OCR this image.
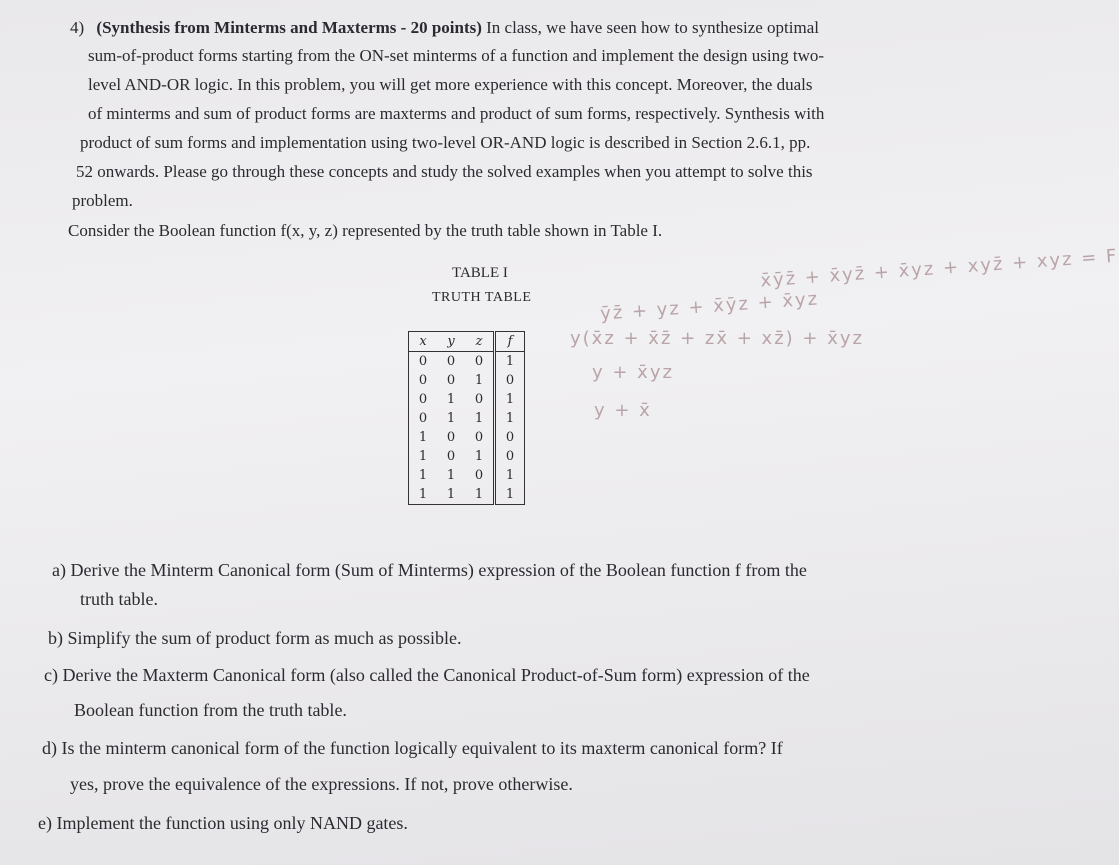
4) (Synthesis from Minterms and Maxterms - 20 points) In class, we have seen how to synthesize optimal
sum-of-product forms starting from the ON-set minterms of a function and implement the design using two-
level AND-OR logic. In this problem, you will get more experience with this concept. Moreover, the duals
of minterms and sum of product forms are maxterms and product of sum forms, respectively. Synthesis with
product of sum forms and implementation using two-level OR-AND logic is described in Section 2.6.1, pp.
52 onwards. Please go through these concepts and study the solved examples when you attempt to solve this
problem.
Consider the Boolean function f(x, y, z) represented by the truth table shown in Table I.
TABLE I
TRUTH TABLE
x	y	z	f
0	0	0	1
0	0	1	0
0	1	0	1
0	1	1	1
1	0	0	0
1	0	1	0
1	1	0	1
1	1	1	1
x̄ȳz̄ + x̄yz̄ + x̄yz + xyz̄ + xyz = F
ȳz̄ + yz + x̄ȳz + x̄yz
y(x̄z + x̄z̄ + zx̄ + xz̄) + x̄yz
y + x̄yz
y + x̄
a) Derive the Minterm Canonical form (Sum of Minterms) expression of the Boolean function f from the
truth table.
b) Simplify the sum of product form as much as possible.
c) Derive the Maxterm Canonical form (also called the Canonical Product-of-Sum form) expression of the
Boolean function from the truth table.
d) Is the minterm canonical form of the function logically equivalent to its maxterm canonical form? If
yes, prove the equivalence of the expressions. If not, prove otherwise.
e) Implement the function using only NAND gates.
